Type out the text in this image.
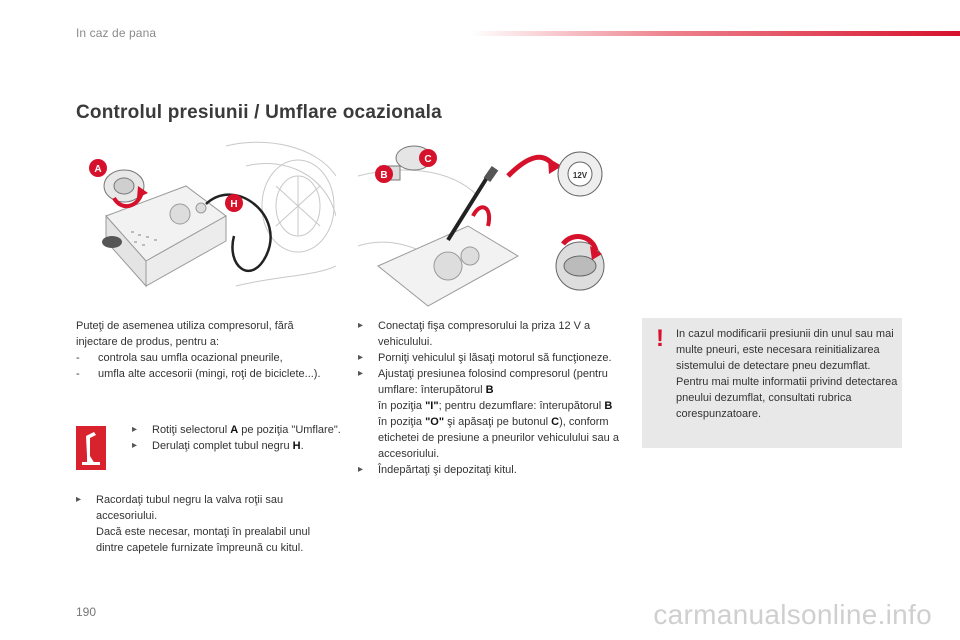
In caz de pana
Controlul presiunii / Umflare ocazionala
A
H
12V
B
C
Puteţi de asemenea utiliza compresorul, fără injectare de produs, pentru a:
-	controla sau umfla ocazional pneurile,
-	umfla alte accesorii (mingi, roţi de biciclete...).
▸	Rotiţi selectorul A pe poziţia "Umflare".
▸	Derulaţi complet tubul negru H.
▸	Racordaţi tubul negru la valva roţii sau accesoriului.
Dacă este necesar, montaţi în prealabil unul dintre capetele furnizate împreună cu kitul.
▸	Conectaţi fişa compresorului la priza 12 V a vehiculului.
▸	Porniţi vehiculul şi lăsaţi motorul să funcţioneze.
▸	Ajustaţi presiunea folosind compresorul (pentru umflare: înterupătorul B
în poziţia "I"; pentru dezumflare: înterupătorul B în poziţia "O" şi apăsaţi pe butonul C), conform etichetei de presiune a pneurilor vehiculului sau a accesoriului.
▸	Îndepărtaţi şi depozitaţi kitul.
!	In cazul modificarii presiunii din unul sau mai multe pneuri, este necesara reinitializarea sistemului de detectare pneu dezumflat.
Pentru mai multe informatii privind detectarea pneului dezumflat, consultati rubrica corespunzatoare.
190	carmanualsonline.info
